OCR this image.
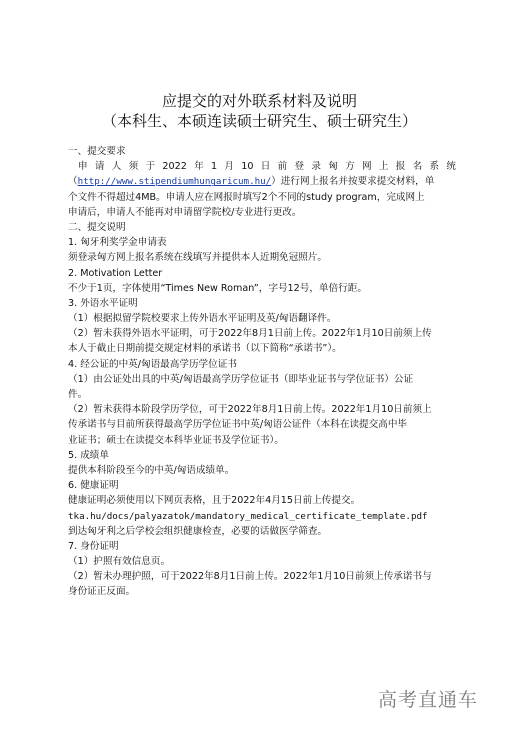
应提交的对外联系材料及说明
（本科生、本硕连读硕士研究生、硕士研究生）
一、提交要求
申请人须于2022年1月10日前登录匈方网上报名系统
（http://www.stipendiumhungaricum.hu/）进行网上报名并按要求提交材料，单
个文件不得超过4MB。申请人应在网报时填写2个不同的study program，完成网上
申请后，申请人不能再对申请留学院校/专业进行更改。
二、提交说明
1. 匈牙利奖学金申请表
须登录匈方网上报名系统在线填写并提供本人近期免冠照片。
2. Motivation Letter
不少于1页，字体使用“Times New Roman”，字号12号，单倍行距。
3. 外语水平证明
（1）根据拟留学院校要求上传外语水平证明及英/匈语翻译件。
（2）暂未获得外语水平证明，可于2022年8月1日前上传。2022年1月10日前须上传
本人于截止日期前提交规定材料的承诺书（以下简称“承诺书”）。
4. 经公证的中英/匈语最高学历学位证书
（1）由公证处出具的中英/匈语最高学历学位证书（即毕业证书与学位证书）公证
件。
（2）暂未获得本阶段学历学位，可于2022年8月1日前上传。2022年1月10日前须上
传承诺书与目前所获得最高学历学位证书中英/匈语公证件（本科在读提交高中毕
业证书；硕士在读提交本科毕业证书及学位证书）。
5. 成绩单
提供本科阶段至今的中英/匈语成绩单。
6. 健康证明
健康证明必须使用以下网页表格，且于2022年4月15日前上传提交。
tka.hu/docs/palyazatok/mandatory_medical_certificate_template.pdf
到达匈牙利之后学校会组织健康检查，必要的话做医学筛查。
7. 身份证明
（1）护照有效信息页。
（2）暂未办理护照，可于2022年8月1日前上传。2022年1月10日前须上传承诺书与
身份证正反面。
高考直通车
